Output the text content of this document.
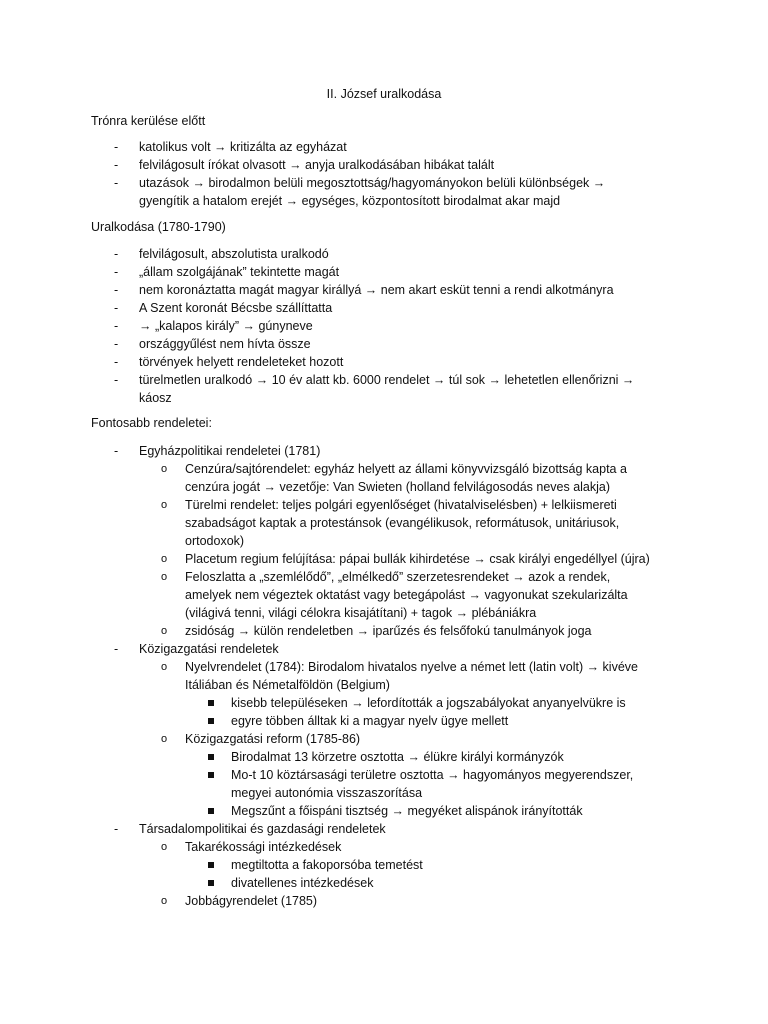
II. József uralkodása
Trónra kerülése előtt
-	katolikus volt → kritizálta az egyházat
-	felvilágosult írókat olvasott → anyja uralkodásában hibákat talált
-	utazások → birodalmon belüli megosztottság/hagyományokon belüli különbségek →
gyengítik a hatalom erejét → egységes, központosított birodalmat akar majd
Uralkodása (1780-1790)
-	felvilágosult, abszolutista uralkodó
-	„állam szolgájának” tekintette magát
-	nem koronáztatta magát magyar királlyá → nem akart esküt tenni a rendi alkotmányra
-	A Szent koronát Bécsbe szállíttatta
-	→ „kalapos király” → gúnyneve
-	országgyűlést nem hívta össze
-	törvények helyett rendeleteket hozott
-	türelmetlen uralkodó → 10 év alatt kb. 6000 rendelet → túl sok → lehetetlen ellenőrizni →
káosz
Fontosabb rendeletei:
-	Egyházpolitikai rendeletei (1781)
o Cenzúra/sajtórendelet: egyház helyett az állami könyvvizsgáló bizottság kapta a
cenzúra jogát → vezetője: Van Swieten (holland felvilágosodás neves alakja)
o Türelmi rendelet: teljes polgári egyenlőséget (hivatalviselésben) + lelkiismereti
szabadságot kaptak a protestánsok (evangélikusok, reformátusok, unitáriusok,
ortodoxok)
o Placetum regium felújítása: pápai bullák kihirdetése → csak királyi engedéllyel (újra)
o Feloszlatta a „szemlélődő”, „elmélkedő” szerzetesrendeket → azok a rendek,
amelyek nem végeztek oktatást vagy betegápolást → vagyonukat szekularizálta
(világivá tenni, világi célokra kisajátítani) + tagok → plébániákra
o zsidóság → külön rendeletben → iparűzés és felsőfokú tanulmányok joga
-	Közigazgatási rendeletek
o Nyelvrendelet (1784): Birodalom hivatalos nyelve a német lett (latin volt) → kivéve
Itáliában és Németalföldön (Belgium)
kisebb településeken → lefordították a jogszabályokat anyanyelvükre is
egyre többen álltak ki a magyar nyelv ügye mellett
o Közigazgatási reform (1785-86)
Birodalmat 13 körzetre osztotta → élükre királyi kormányzók
Mo-t 10 köztársasági területre osztotta → hagyományos megyerendszer,
megyei autonómia visszaszorítása
Megszűnt a főispáni tisztség → megyéket alispánok irányították
-	Társadalompolitikai és gazdasági rendeletek
o Takarékossági intézkedések
megtiltotta a fakoporsóba temetést
divatellenes intézkedések
o Jobbágyrendelet (1785)
